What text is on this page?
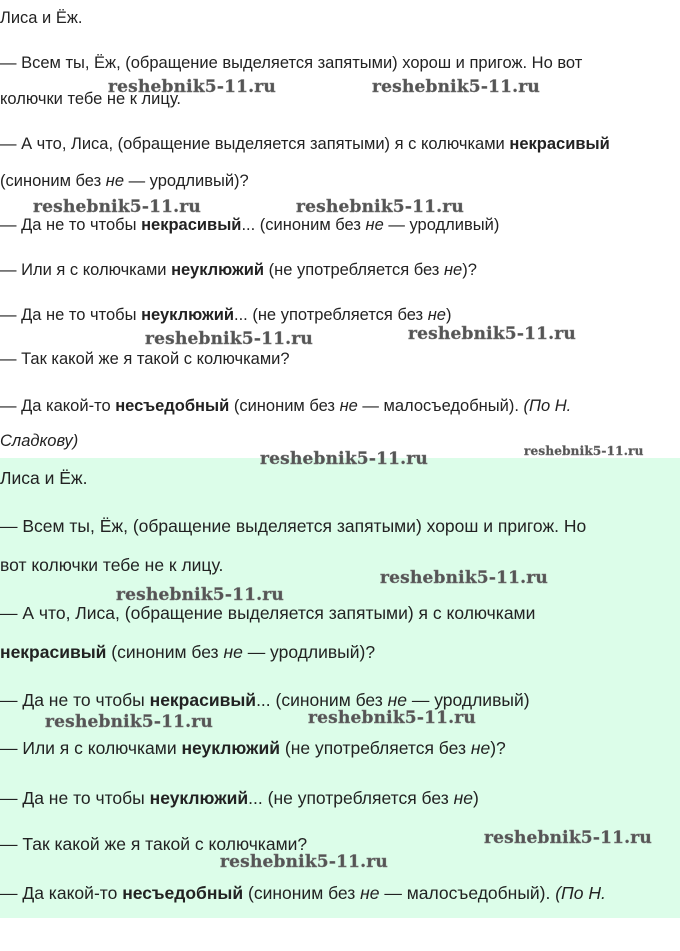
Лиса и Ёж.
— Всем ты, Ёж, (обращение выделяется запятыми) хорош и пригож. Но вот
колючки тебе не к лицу.
— А что, Лиса, (обращение выделяется запятыми) я с колючками некрасивый
(синоним без не — уродливый)?
— Да не то чтобы некрасивый... (синоним без не — уродливый)
— Или я с колючками неуклюжий (не употребляется без не)?
— Да не то чтобы неуклюжий... (не употребляется без не)
— Так какой же я такой с колючками?
— Да какой-то несъедобный (синоним без не — малосъедобный). (По Н.
Сладкову)
Лиса и Ёж.
— Всем ты, Ёж, (обращение выделяется запятыми) хорош и пригож. Но
вот колючки тебе не к лицу.
— А что, Лиса, (обращение выделяется запятыми) я с колючками
некрасивый (синоним без не — уродливый)?
— Да не то чтобы некрасивый... (синоним без не — уродливый)
— Или я с колючками неуклюжий (не употребляется без не)?
— Да не то чтобы неуклюжий... (не употребляется без не)
— Так какой же я такой с колючками?
— Да какой-то несъедобный (синоним без не — малосъедобный). (По Н.
reshebnik5-11.ru	reshebnik5-11.ru
reshebnik5-11.ru	reshebnik5-11.ru
reshebnik5-11.ru	reshebnik5-11.ru
reshebnik5-11.ru
reshebnik5-11.ru
reshebnik5-11.ru
reshebnik5-11.ru
reshebnik5-11.ru
reshebnik5-11.ru
reshebnik5-11.ru
reshebnik5-11.ru
